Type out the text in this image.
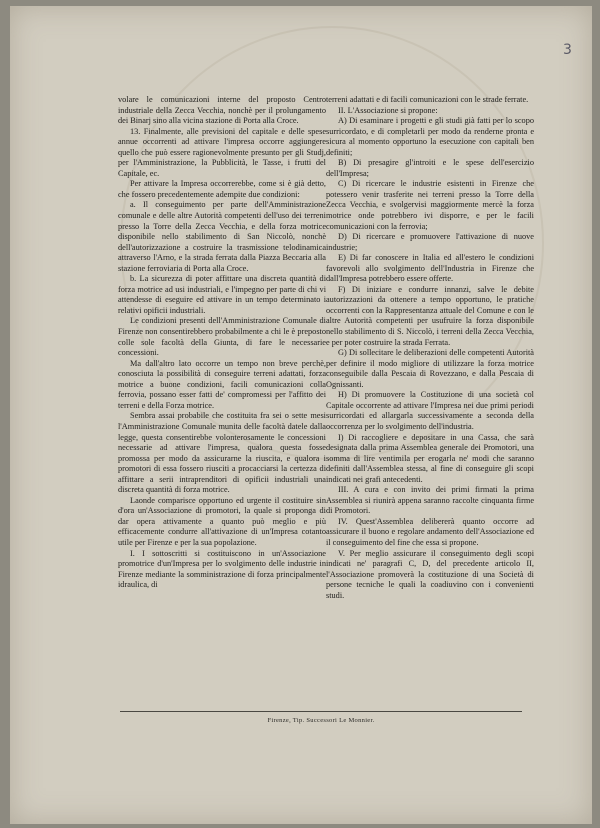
3

volare le comunicazioni interne del proposto Centro industriale della Zecca Vecchia, nonchè per il prolungamento dei Binarj sino alla vicina stazione di Porta alla Croce.

13. Finalmente, alle previsioni del capitale e delle spese annue occorrenti ad attivare l'impresa occorre aggiungere quello che può essere ragionevolmente presunto per gli Studj, per l'Amministrazione, la Pubblicità, le Tasse, i frutti del Capitale, ec.

Per attivare la Impresa occorrerebbe, come si è già detto, che fossero precedentemente adempite due condizioni:

a. Il conseguimento per parte dell'Amministrazione comunale e delle altre Autorità competenti dell'uso dei terreni presso la Torre della Zecca Vecchia, e della forza motrice disponibile nello stabilimento di San Niccolò, nonchè dell'autorizzazione a costruire la trasmissione telodinamica attraverso l'Arno, e la strada ferrata dalla Piazza Beccaria alla stazione ferroviaria di Porta alla Croce.

b. La sicurezza di poter affittare una discreta quantità di forza motrice ad usi industriali, e l'impegno per parte di chi vi attendesse di eseguire ed attivare in un tempo determinato i relativi opificii industriali.

Le condizioni presenti dell'Amministrazione Comunale di Firenze non consentirebbero probabilmente a chi le è preposto colle sole facoltà della Giunta, di fare le necessarie concessioni.

Ma dall'altro lato occorre un tempo non breve perchè, conosciuta la possibilità di conseguire terreni adattati, forza motrice a buone condizioni, facili comunicazioni colla ferrovia, possano esser fatti de' compromessi per l'affitto dei terreni e della Forza motrice.

Sembra assai probabile che costituita fra sei o sette mesi l'Amministrazione Comunale munita delle facoltà datele dalla legge, questa consentirebbe volonterosamente le concessioni necessarie ad attivare l'impresa, qualora questa fosse promossa per modo da assicurarne la riuscita, e qualora i promotori di essa fossero riusciti a procacciarsi la certezza di affittare a serii intraprenditori di opificii industriali una discreta quantità di forza motrice.

Laonde comparisce opportuno ed urgente il costituire sin d'ora un'Associazione di promotori, la quale si proponga di dar opera attivamente a quanto può meglio e più efficacemente condurre all'attivazione di un'Impresa cotanto utile per Firenze e per la sua popolazione.

I. I sottoscritti si costituiscono in un'Associazione promotrice d'un'Impresa per lo svolgimento delle industrie in Firenze mediante la somministrazione di forza principalmente idraulica, di

terreni adattati e di facili comunicazioni con le strade ferrate.

II. L'Associazione si propone:

A) Di esaminare i progetti e gli studi già fatti per lo scopo surricordato, e di completarli per modo da renderne pronta e sicura al momento opportuno la esecuzione con capitali ben definiti;

B) Di presagire gl'introiti e le spese dell'esercizio dell'Impresa;

C) Di ricercare le industrie esistenti in Firenze che potessero venir trasferite nei terreni presso la Torre della Zecca Vecchia, e svolgervisi maggiormente mercè la forza motrice onde potrebbero ivi disporre, e per le facili comunicazioni con la ferrovia;

D) Di ricercare e promuovere l'attivazione di nuove industrie;

E) Di far conoscere in Italia ed all'estero le condizioni favorevoli allo svolgimento dell'Industria in Firenze che dall'Impresa potrebbero essere offerte.

F) Di iniziare e condurre innanzi, salve le debite autorizzazioni da ottenere a tempo opportuno, le pratiche occorrenti con la Rappresentanza attuale del Comune e con le altre Autorità competenti per usufruire la forza disponibile nello stabilimento di S. Niccolò, i terreni della Zecca Vecchia, e per poter costruire la strada Ferrata.

G) Di sollecitare le deliberazioni delle competenti Autorità per definire il modo migliore di utilizzare la forza motrice conseguibile dalla Pescaia di Rovezzano, e dalla Pescaia di Ognissanti.

H) Di promuovere la Costituzione di una società col Capitale occorrente ad attivare l'Impresa nei due primi periodi surricordati ed allargarla successivamente a seconda della occorrenza per lo svolgimento dell'industria.

I) Di raccogliere e depositare in una Cassa, che sarà designata dalla prima Assemblea generale dei Promotori, una somma di lire ventimila per erogarla ne' modi che saranno definiti dall'Assemblea stessa, al fine di conseguire gli scopi indicati nei grafi antecedenti.

III. A cura e con invito dei primi firmati la prima Assemblea si riunirà appena saranno raccolte cinquanta firme di Promotori.

IV. Quest'Assemblea delibererà quanto occorre ad assicurare il buono e regolare andamento dell'Associazione ed il conseguimento del fine che essa si propone.

V. Per meglio assicurare il conseguimento degli scopi indicati ne' paragrafi C, D, del precedente articolo II, l'Associazione promoverà la costituzione di una Società di persone tecniche le quali la coadiuvino con i convenienti studi.

Firenze, Tip. Successori Le Monnier.
